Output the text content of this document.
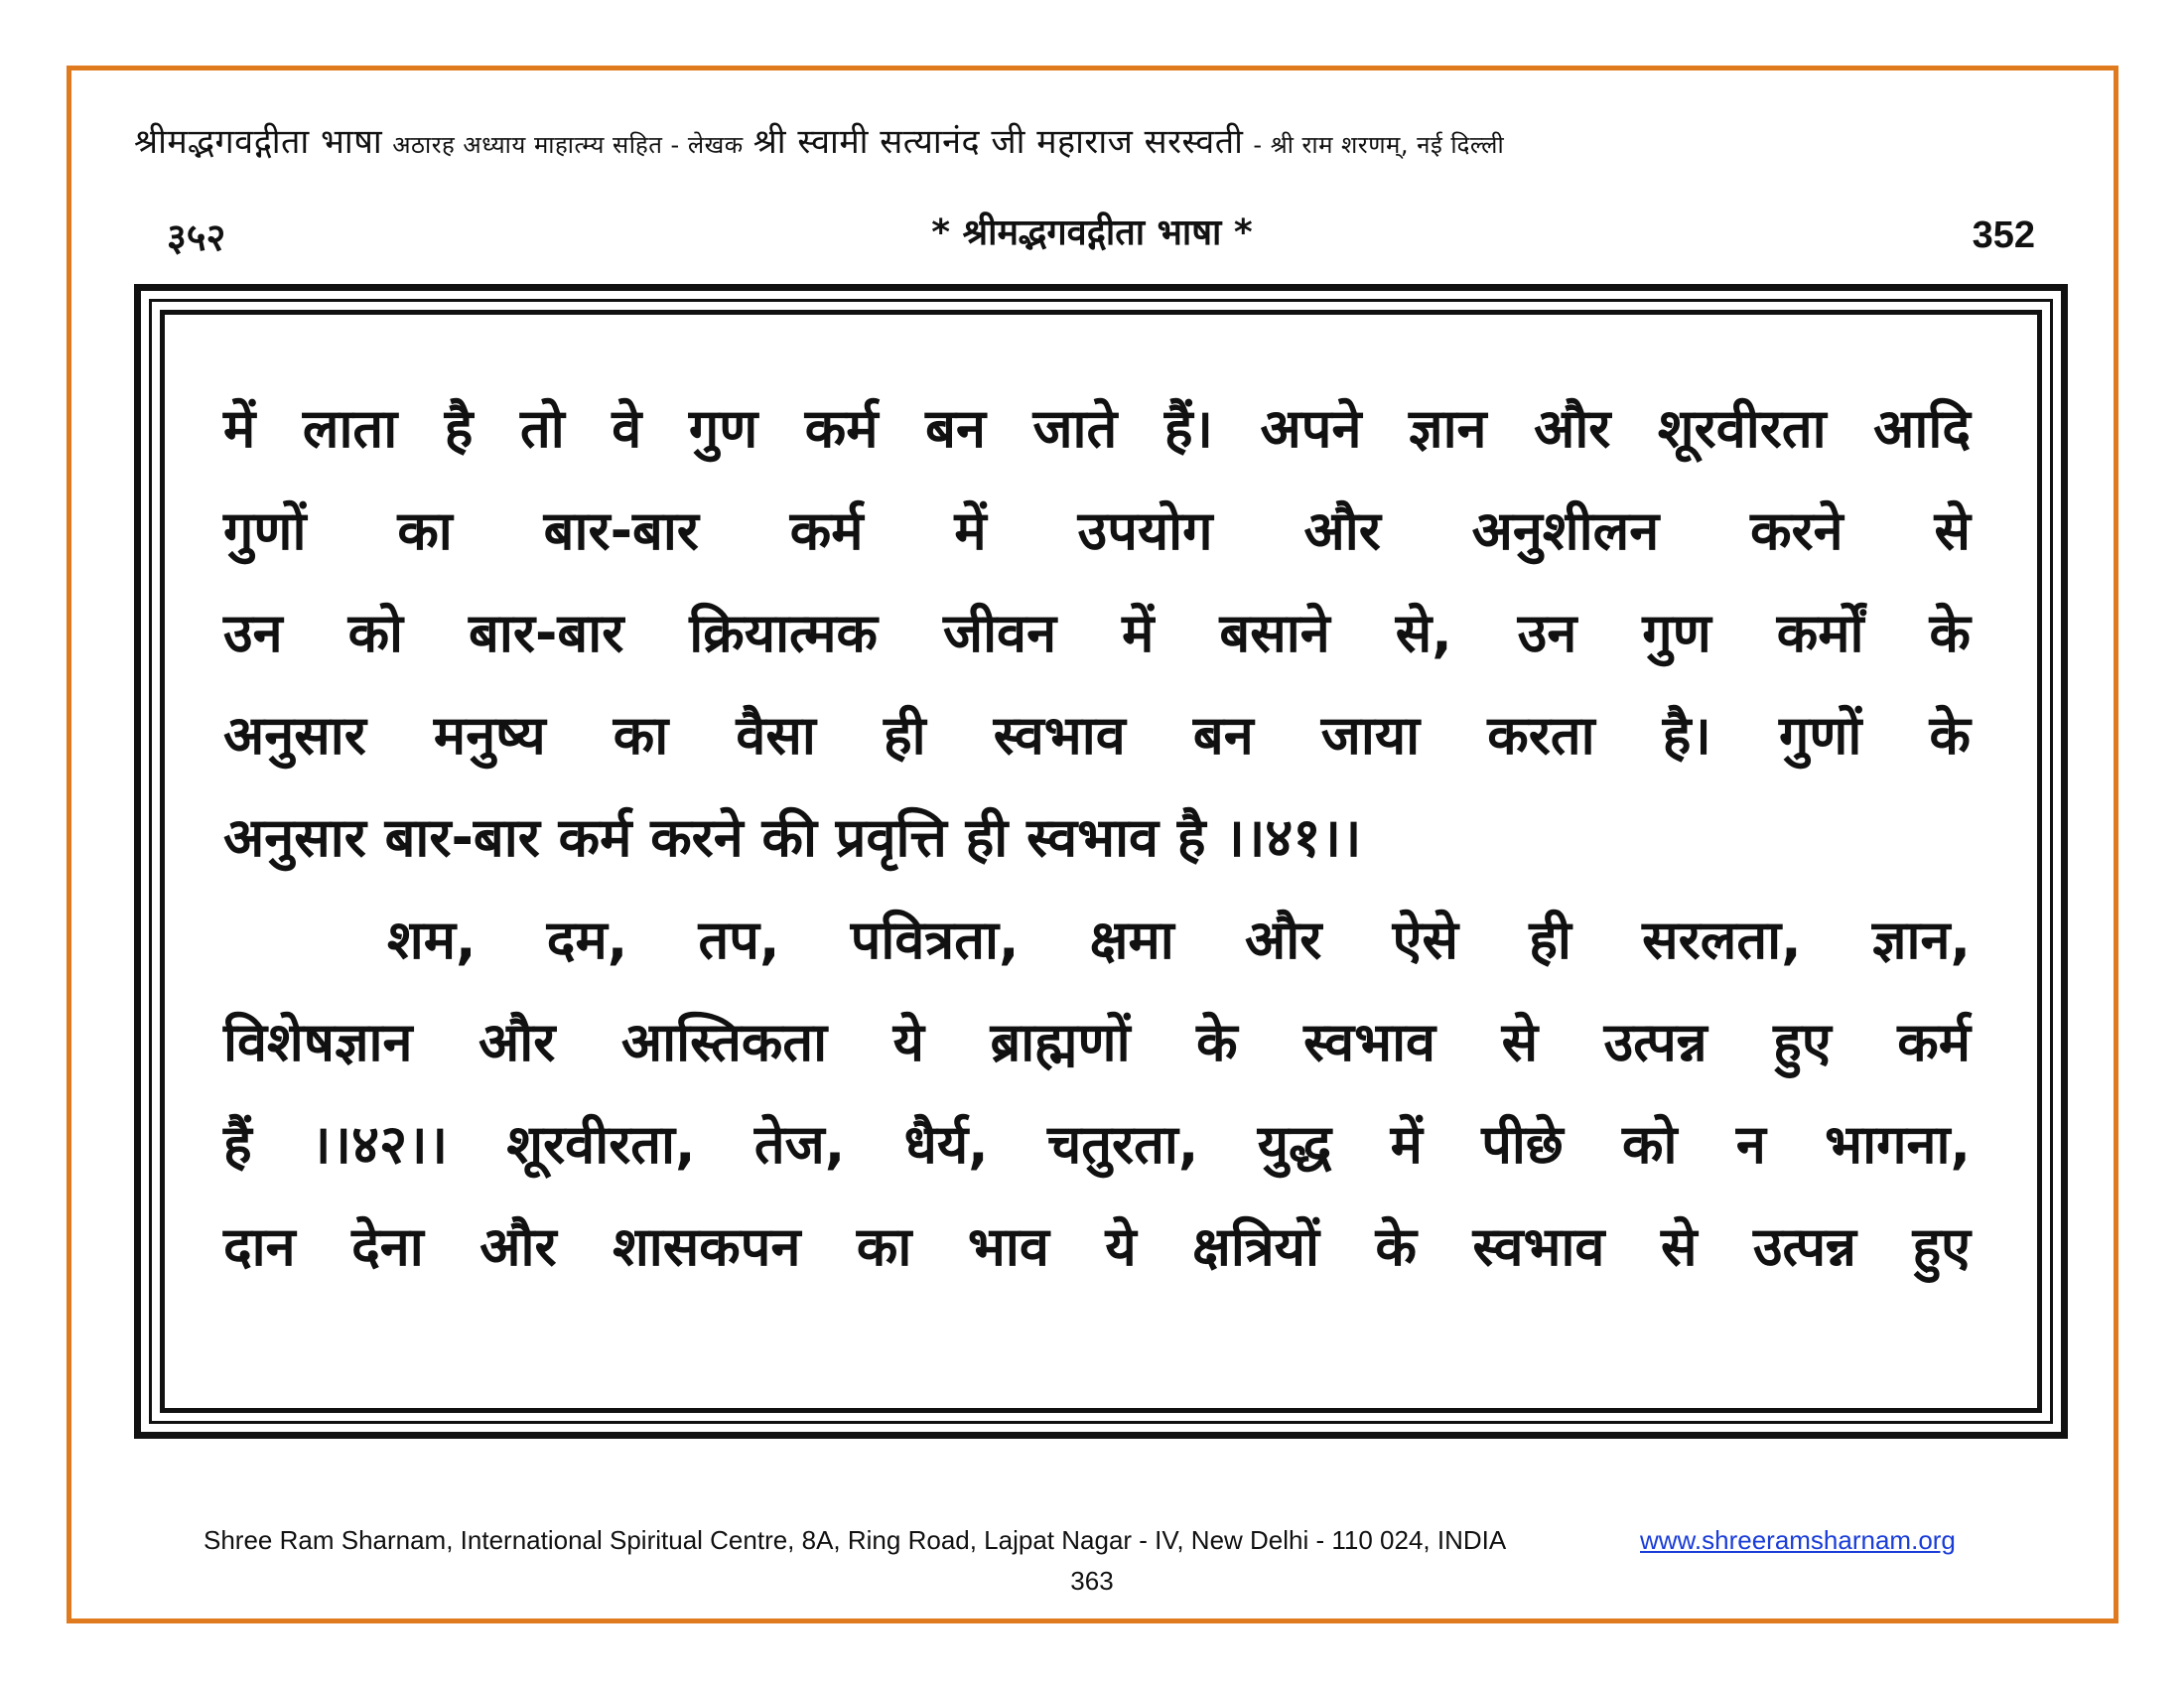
श्रीमद्भगवद्गीता भाषा अठारह अध्याय माहात्म्य सहित - लेखक श्री स्वामी सत्यानंद जी महाराज सरस्वती - श्री राम शरणम्, नई दिल्ली
३५२	* श्रीमद्भगवद्गीता भाषा *	352
में लाता है तो वे गुण कर्म बन जाते हैं। अपने ज्ञान और शूरवीरता आदि
गुणों का बार-बार कर्म में उपयोग और अनुशीलन करने से
उन को बार-बार क्रियात्मक जीवन में बसाने से, उन गुण कर्मों के
अनुसार मनुष्य का वैसा ही स्वभाव बन जाया करता है। गुणों के
अनुसार बार-बार कर्म करने की प्रवृत्ति ही स्वभाव है ।।४१।।
शम, दम, तप, पवित्रता, क्षमा और ऐसे ही सरलता, ज्ञान,
विशेषज्ञान और आस्तिकता ये ब्राह्मणों के स्वभाव से उत्पन्न हुए कर्म
हैं ।।४२।। शूरवीरता, तेज, धैर्य, चतुरता, युद्ध में पीछे को न भागना,
दान देना और शासकपन का भाव ये क्षत्रियों के स्वभाव से उत्पन्न हुए
Shree Ram Sharnam, International Spiritual Centre, 8A, Ring Road, Lajpat Nagar - IV, New Delhi - 110 024, INDIA	www.shreeramsharnam.org
363
